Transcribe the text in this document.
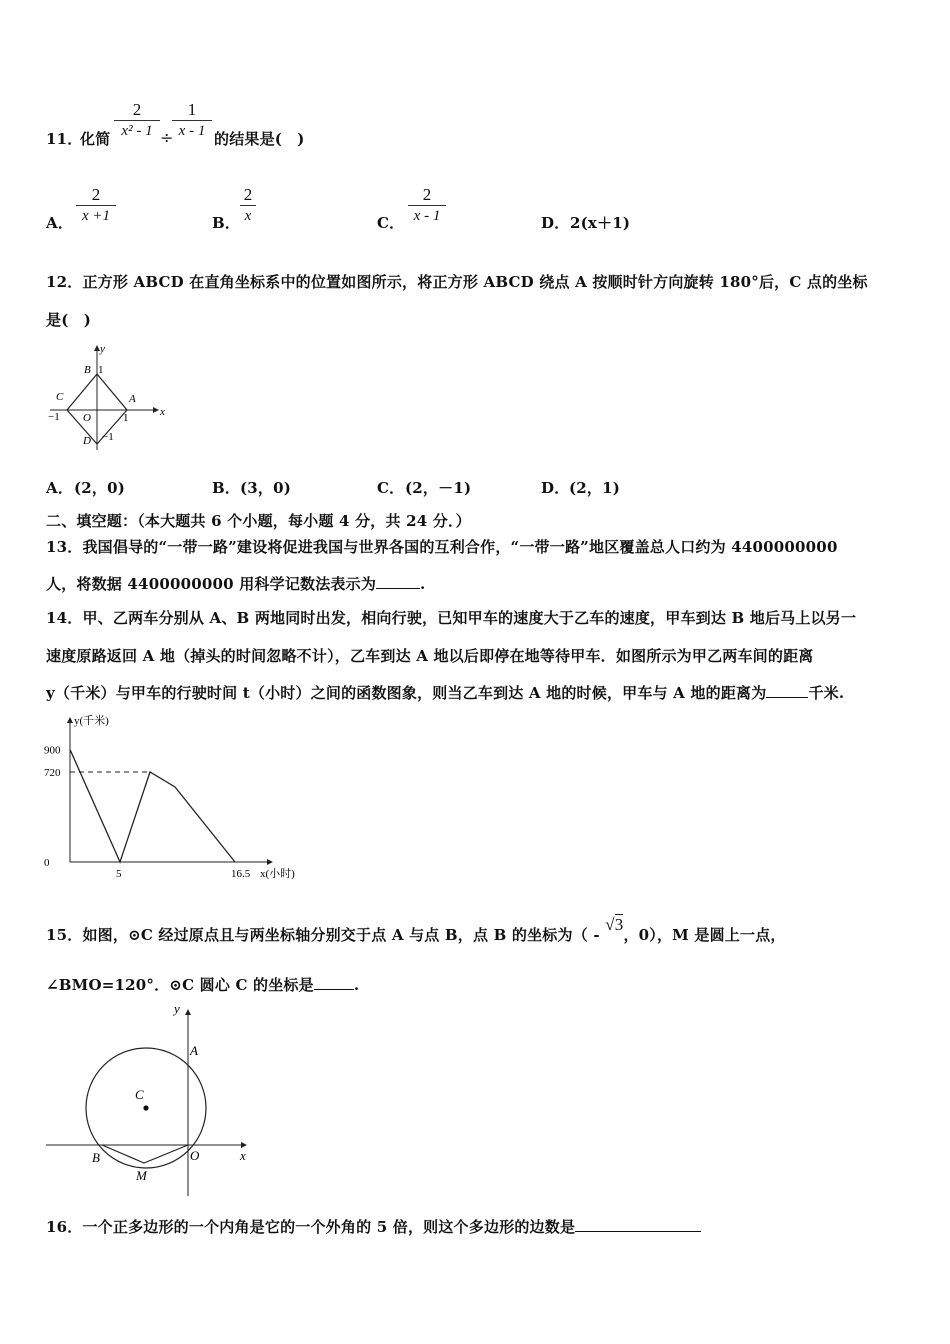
11．
化简
2
x² - 1 ÷
1
x - 1 的结果是(　)
A．
2
x +1	B．
2
x	C．
2
x - 1	D． 2(x＋1)
12．正方形 ABCD 在直角坐标系中的位置如图所示，将正方形 ABCD 绕点 A 按顺时针方向旋转 180°后，C 点的坐标
是(　)
y
x
B 1
C	A
−1 O	1
D −1
A． (2，0)	B． (3，0)	C． (2，－1)	D． (2，1)
二、填空题：（本大题共 6 个小题，每小题 4 分，共 24 分．）
13．我国倡导的“一带一路”建设将促进我国与世界各国的互利合作，“一带一路”地区覆盖总人口约为 4400000000
人，将数据 4400000000 用科学记数法表示为	.
14．甲、乙两车分别从 A、B 两地同时出发，相向行驶，已知甲车的速度大于乙车的速度，甲车到达 B 地后马上以另一
速度原路返回 A 地（掉头的时间忽略不计），乙车到达 A 地以后即停在地等待甲车．如图所示为甲乙两车间的距离
y（千米）与甲车的行驶时间 t（小时）之间的函数图象，则当乙车到达 A 地的时候，甲车与 A 地的距离为	千米.
900
720
0
5	16.5
y(千米)
x(小时)
15．如图，⊙C 经过原点且与两坐标轴分别交于点 A 与点 B，点 B 的坐标为（ - √3，0），M 是圆上一点，
∠BMO=120°．⊙C 圆心 C 的坐标是	.
y
x
A
C
B	O
M
16．一个正多边形的一个内角是它的一个外角的 5 倍，则这个多边形的边数是
